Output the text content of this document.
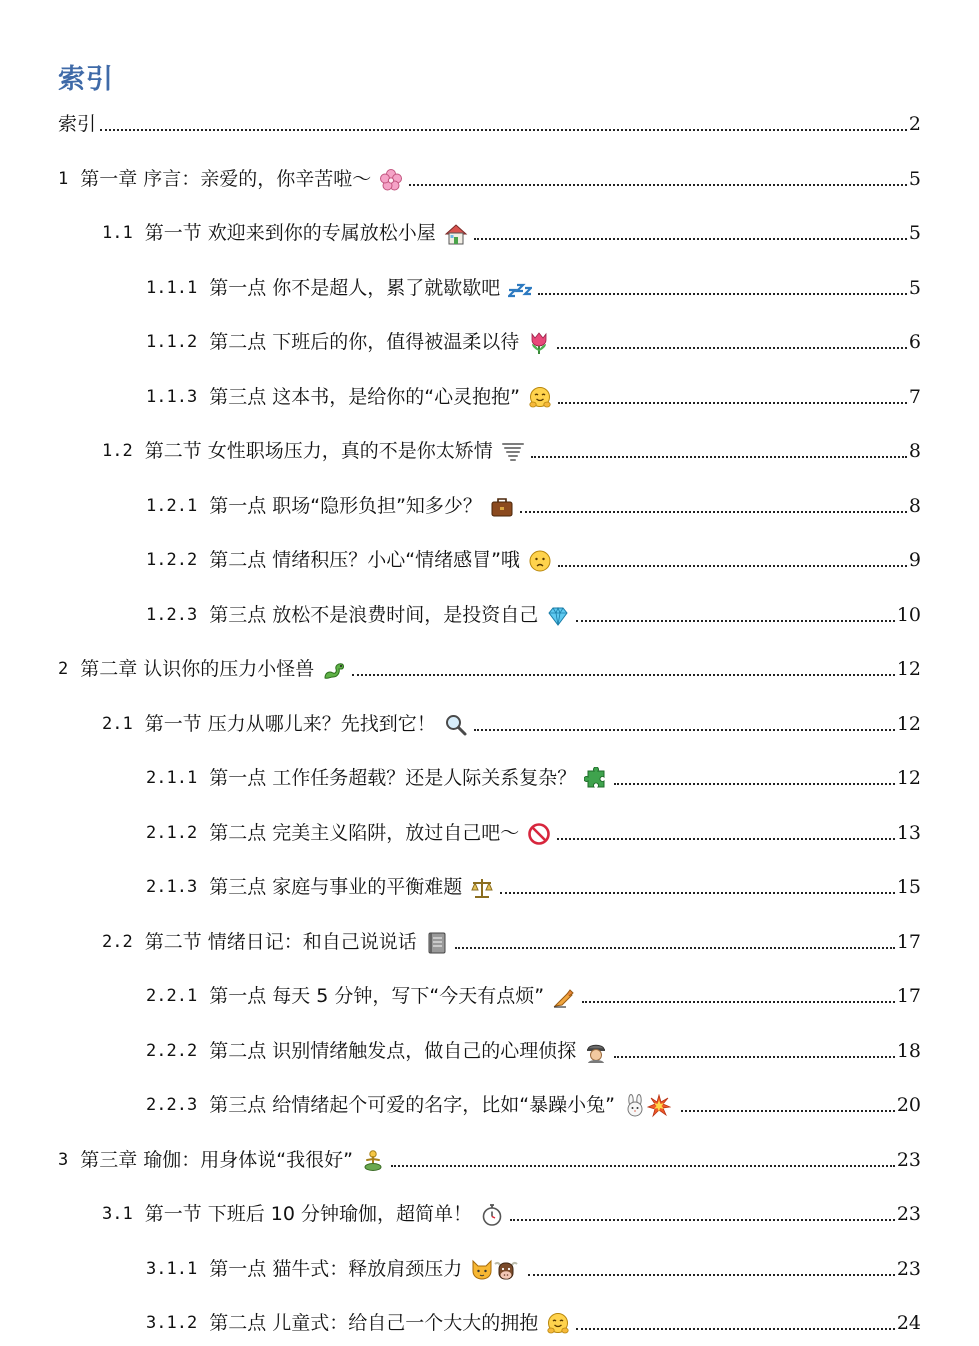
索引
索引	2
1 第一章 序言：亲爱的，你辛苦啦～	5
1.1 第一节 欢迎来到你的专属放松小屋	5
1.1.1 第一点 你不是超人，累了就歇歇吧	5
1.1.2 第二点 下班后的你，值得被温柔以待	6
1.1.3 第三点 这本书，是给你的“心灵抱抱”	7
1.2 第二节 女性职场压力，真的不是你太矫情	8
1.2.1 第一点 职场“隐形负担”知多少？	8
1.2.2 第二点 情绪积压？小心“情绪感冒”哦	9
1.2.3 第三点 放松不是浪费时间，是投资自己	10
2 第二章 认识你的压力小怪兽	12
2.1 第一节 压力从哪儿来？先找到它！	12
2.1.1 第一点 工作任务超载？还是人际关系复杂？	12
2.1.2 第二点 完美主义陷阱，放过自己吧～	13
2.1.3 第三点 家庭与事业的平衡难题	15
2.2 第二节 情绪日记：和自己说说话	17
2.2.1 第一点 每天 5 分钟，写下“今天有点烦”	17
2.2.2 第二点 识别情绪触发点，做自己的心理侦探	18
2.2.3 第三点 给情绪起个可爱的名字，比如“暴躁小兔”	20
3 第三章 瑜伽：用身体说“我很好”	23
3.1 第一节 下班后 10 分钟瑜伽，超简单！	23
3.1.1 第一点 猫牛式：释放肩颈压力	23
3.1.2 第二点 儿童式：给自己一个大大的拥抱	24
